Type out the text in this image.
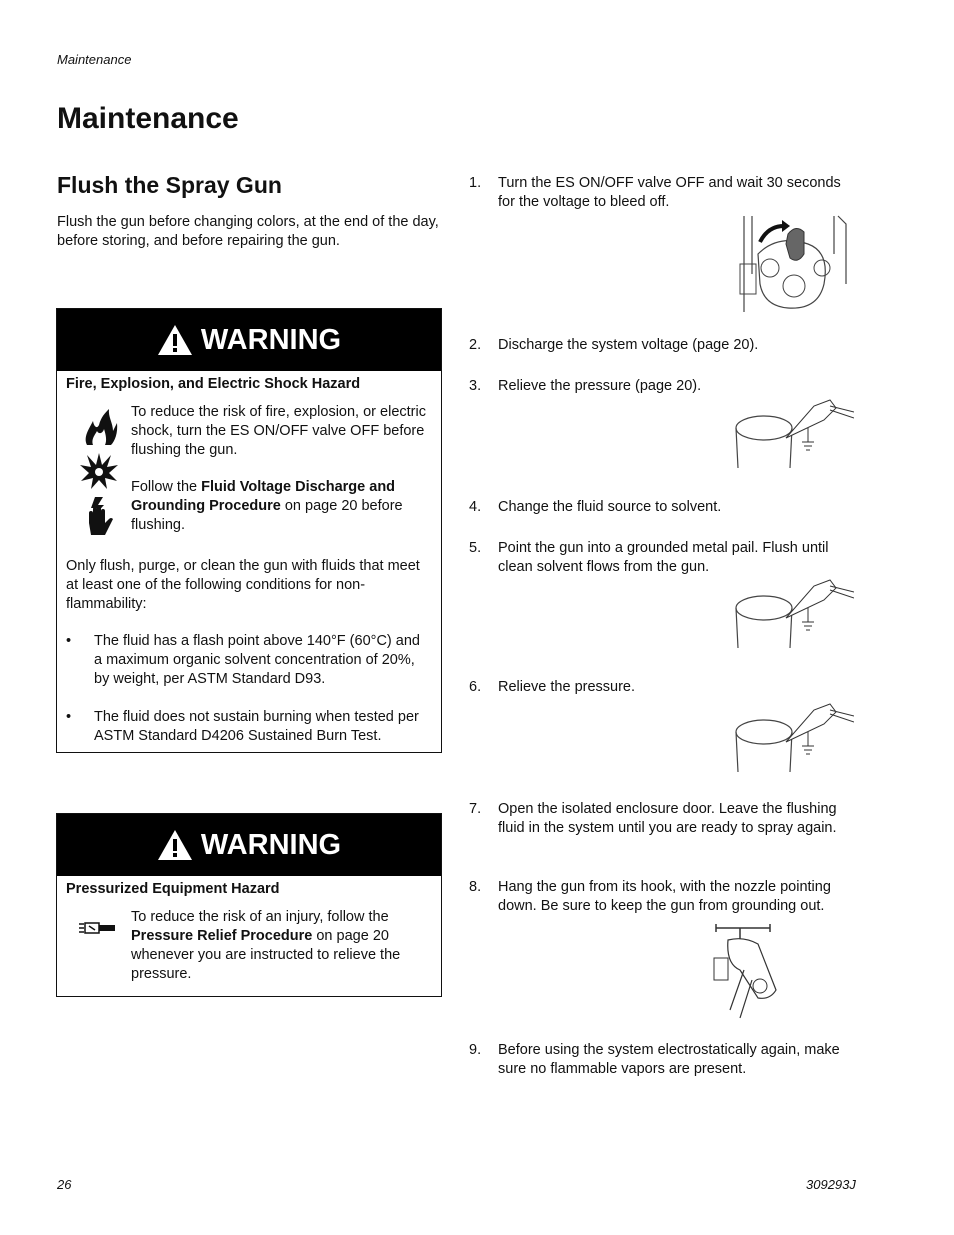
Maintenance
Maintenance
Flush the Spray Gun
Flush the gun before changing colors, at the end of the day, before storing, and before repairing the gun.
WARNING

Fire, Explosion, and Electric Shock Hazard

To reduce the risk of fire, explosion, or electric shock, turn the ES ON/OFF valve OFF before flushing the gun.

Follow the Fluid Voltage Discharge and Grounding Procedure on page 20 before flushing.

Only flush, purge, or clean the gun with fluids that meet at least one of the following conditions for non-flammability:

•	The fluid has a flash point above 140°F (60°C) and a maximum organic solvent concentration of 20%, by weight, per ASTM Standard D93.
•	The fluid does not sustain burning when tested per ASTM Standard D4206 Sustained Burn Test.
WARNING

Pressurized Equipment Hazard

To reduce the risk of an injury, follow the Pressure Relief Procedure on page 20 whenever you are instructed to relieve the pressure.

1.	Turn the ES ON/OFF valve OFF and wait 30 seconds for the voltage to bleed off.
2.	Discharge the system voltage (page 20).
3.	Relieve the pressure (page 20).
4.	Change the fluid source to solvent.
5.	Point the gun into a grounded metal pail. Flush until clean solvent flows from the gun.
6.	Relieve the pressure.
7.	Open the isolated enclosure door. Leave the flushing fluid in the system until you are ready to spray again.
8.	Hang the gun from its hook, with the nozzle pointing down. Be sure to keep the gun from grounding out.
9.	Before using the system electrostatically again, make sure no flammable vapors are present.
26	309293J
